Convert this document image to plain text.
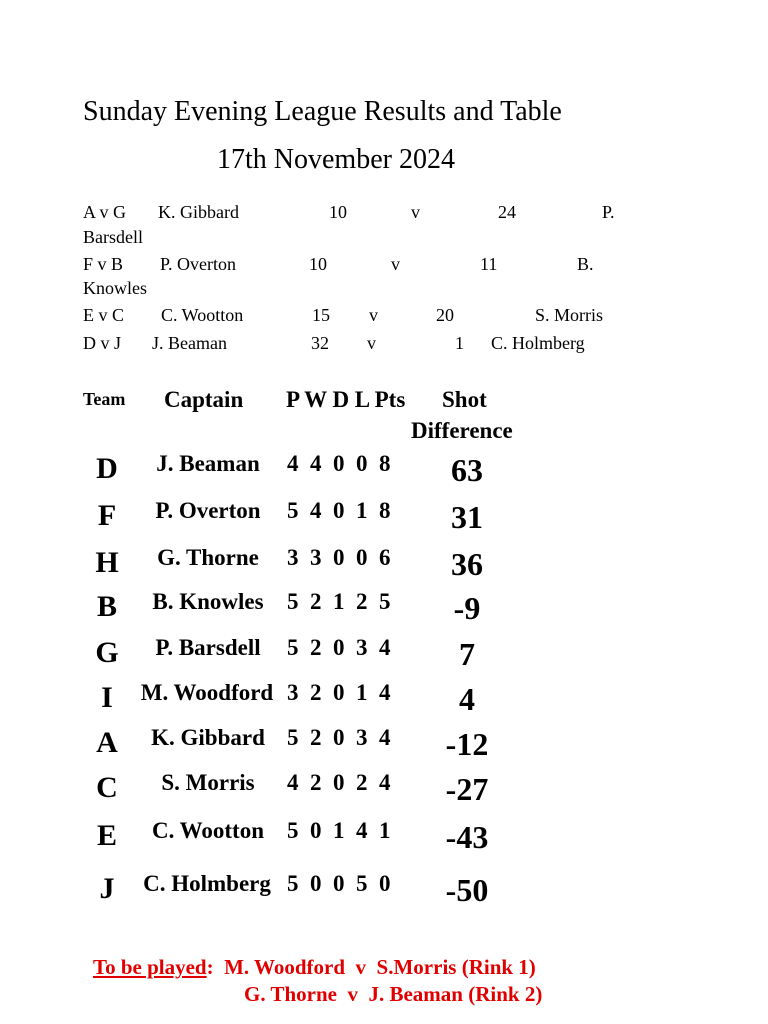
Sunday Evening League Results and Table
17th November 2024
A v G K. Gibbard	10	v	24	P.
Barsdell
F v B P. Overton	10	v	11	B.
Knowles
E v C C. Wootton	15 v	20	S. Morris
D v J J. Beaman	32 v	1 C. Holmberg
Team Captain P W D L Pts Shot
Difference
D	J. Beaman	4  4  0  0  8	63
F	P. Overton	5  4  0  1  8	31
H	G. Thorne	3  3  0  0  6	36
B	B. Knowles	5  2  1  2  5	-9
G	P. Barsdell	5  2  0  3  4	7
I	M. Woodford 3  2  0  1  4	4
A	K. Gibbard 5  2  0  3  4	-12
C	S. Morris	4  2  0  2  4	-27
E	C. Wootton 5  0  1  4  1	-43
J	C. Holmberg 5  0  0  5  0	-50
To be played: M. Woodford  v  S.Morris (Rink 1)
G. Thorne  v  J. Beaman (Rink 2)
